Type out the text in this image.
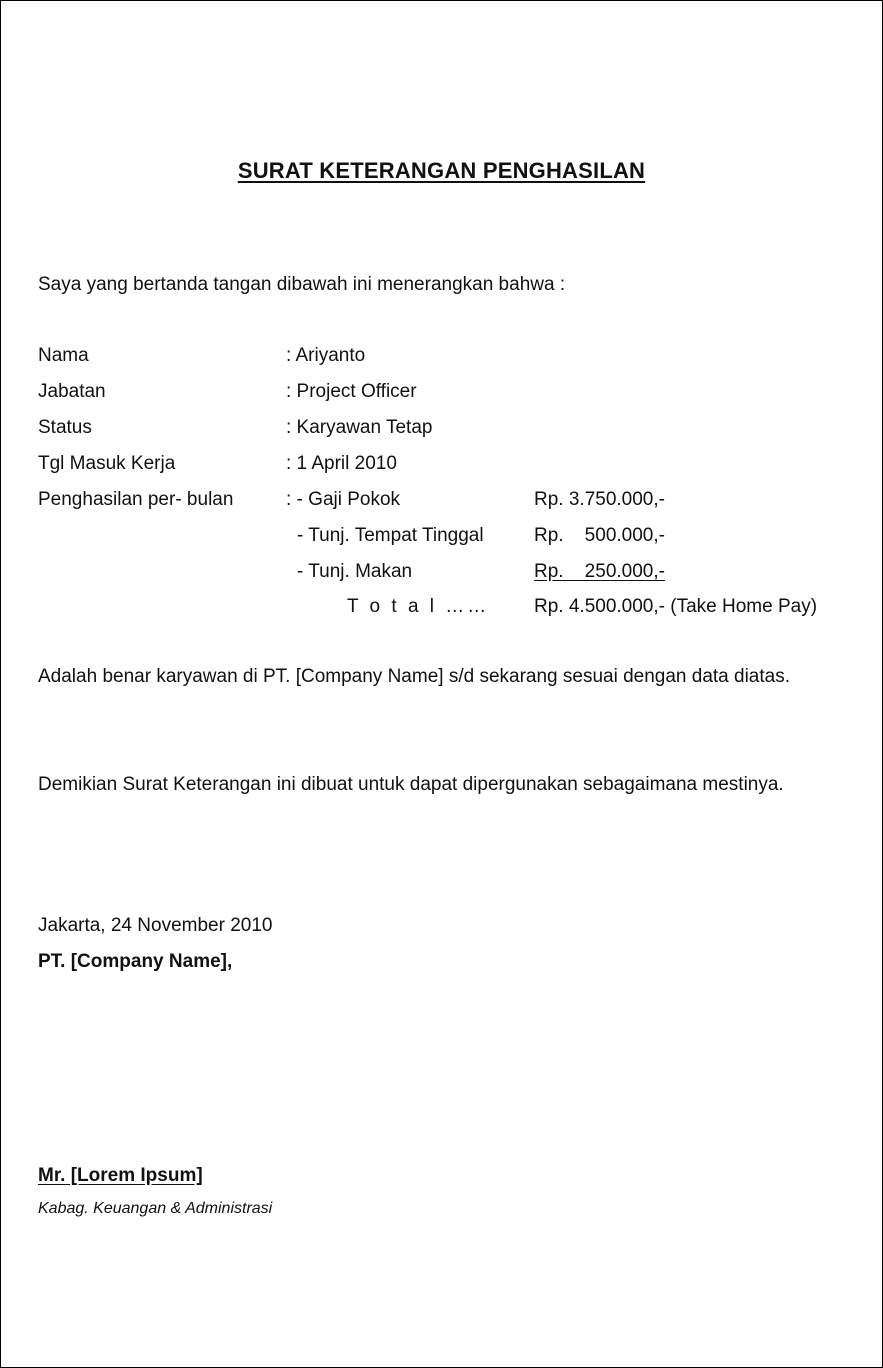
SURAT KETERANGAN PENGHASILAN
Saya yang bertanda tangan dibawah ini menerangkan bahwa :
Nama	: Ariyanto
Jabatan	: Project Officer
Status	: Karyawan Tetap
Tgl Masuk Kerja	: 1 April 2010
Penghasilan per- bulan	: - Gaji Pokok	Rp. 3.750.000,-
- Tunj. Tempat Tinggal	Rp.    500.000,-
- Tunj. Makan	Rp.    250.000,-
T o t a l …… Rp. 4.500.000,- (Take Home Pay)
Adalah benar karyawan di PT. [Company Name] s/d sekarang sesuai dengan data diatas.
Demikian Surat Keterangan ini dibuat untuk dapat dipergunakan sebagaimana mestinya.
Jakarta, 24 November 2010
PT. [Company Name],
Mr. [Lorem Ipsum]
Kabag. Keuangan & Administrasi
